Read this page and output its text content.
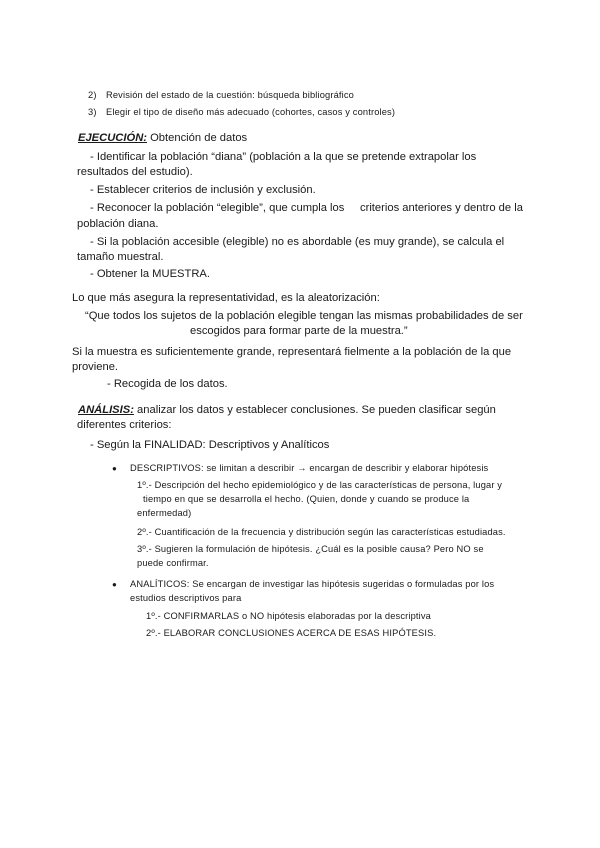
2) Revisión del estado de la cuestión: búsqueda bibliográfico
3) Elegir el tipo de diseño más adecuado (cohortes, casos y controles)
EJECUCIÓN: Obtención de datos
- Identificar la población “diana” (población a la que se pretende extrapolar los
resultados del estudio).
- Establecer criterios de inclusión y exclusión.
- Reconocer la población “elegible”, que cumpla los criterios anteriores y dentro de la
población diana.
- Si la población accesible (elegible) no es abordable (es muy grande), se calcula el
tamaño muestral.
- Obtener la MUESTRA.
Lo que más asegura la representatividad, es la aleatorización:
“Que todos los sujetos de la población elegible tengan las mismas probabilidades de ser
escogidos para formar parte de la muestra.”
Si la muestra es suficientemente grande, representará fielmente a la población de la que
proviene.
- Recogida de los datos.
ANÁLISIS: analizar los datos y establecer conclusiones. Se pueden clasificar según
diferentes criterios:
- Según la FINALIDAD: Descriptivos y Analíticos
● DESCRIPTIVOS: se limitan a describir → encargan de describir y elaborar hipótesis
1º.- Descripción del hecho epidemiológico y de las características de persona, lugar y
tiempo en que se desarrolla el hecho. (Quien, donde y cuando se produce la
enfermedad)
2º.- Cuantificación de la frecuencia y distribución según las características estudiadas.
3º.- Sugieren la formulación de hipótesis. ¿Cuál es la posible causa? Pero NO se
puede confirmar.
● ANALÍTICOS: Se encargan de investigar las hipótesis sugeridas o formuladas por los
estudios descriptivos para
1º.- CONFIRMARLAS o NO hipótesis elaboradas por la descriptiva
2º.- ELABORAR CONCLUSIONES ACERCA DE ESAS HIPÓTESIS.
